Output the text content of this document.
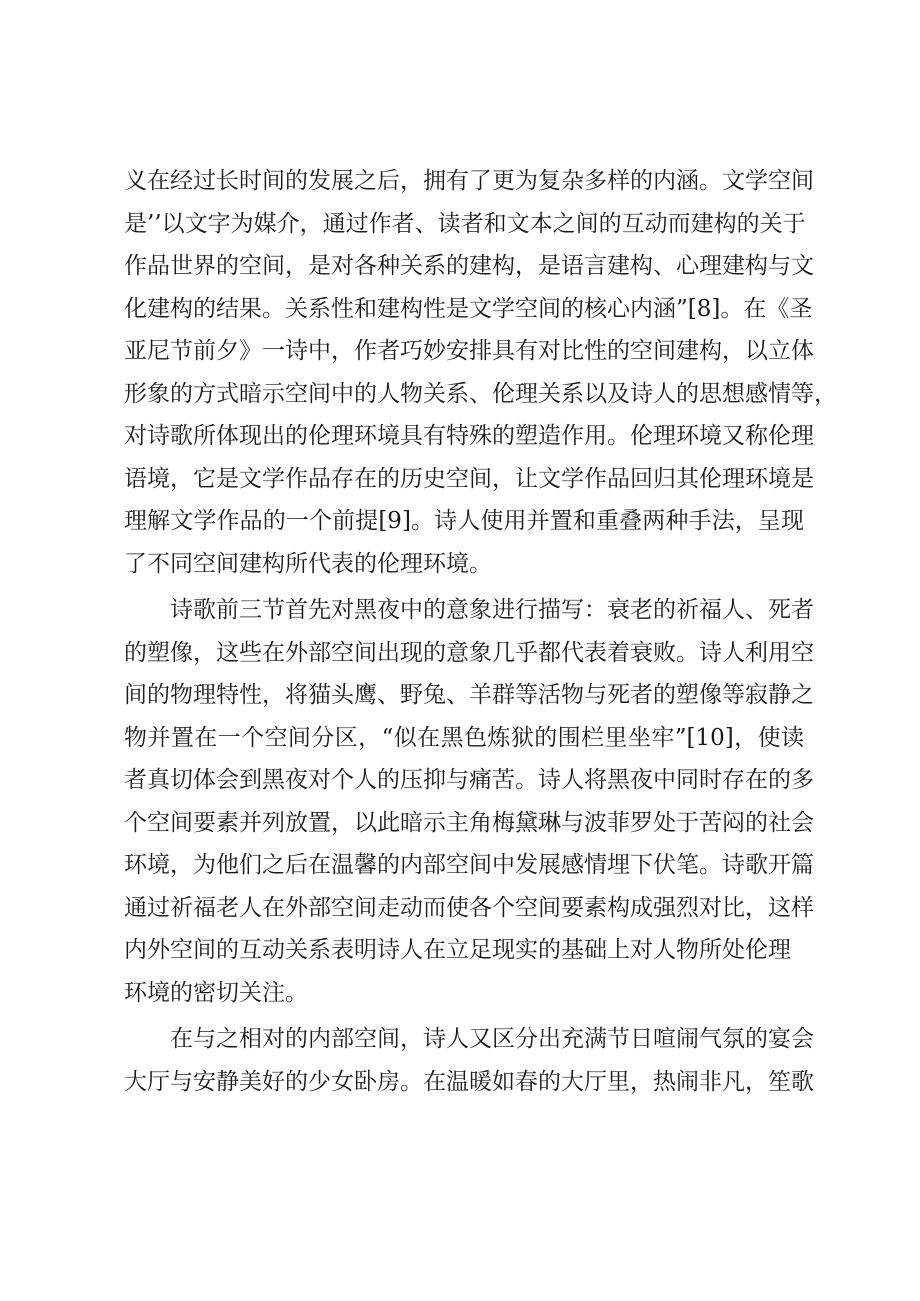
义在经过长时间的发展之后，拥有了更为复杂多样的内涵。文学空间
是’’以文字为媒介，通过作者、读者和文本之间的互动而建构的关于
作品世界的空间，是对各种关系的建构，是语言建构、心理建构与文
化建构的结果。关系性和建构性是文学空间的核心内涵”[8]。在《圣
亚尼节前夕》一诗中，作者巧妙安排具有对比性的空间建构，以立体
形象的方式暗示空间中的人物关系、伦理关系以及诗人的思想感情等，
对诗歌所体现出的伦理环境具有特殊的塑造作用。伦理环境又称伦理
语境，它是文学作品存在的历史空间，让文学作品回归其伦理环境是
理解文学作品的一个前提[9]。诗人使用并置和重叠两种手法，呈现
了不同空间建构所代表的伦理环境。

诗歌前三节首先对黑夜中的意象进行描写：衰老的祈福人、死者
的塑像，这些在外部空间出现的意象几乎都代表着衰败。诗人利用空
间的物理特性，将猫头鹰、野兔、羊群等活物与死者的塑像等寂静之
物并置在一个空间分区，“似在黑色炼狱的围栏里坐牢”[10]，使读
者真切体会到黑夜对个人的压抑与痛苦。诗人将黑夜中同时存在的多
个空间要素并列放置，以此暗示主角梅黛琳与波菲罗处于苦闷的社会
环境，为他们之后在温馨的内部空间中发展感情埋下伏笔。诗歌开篇
通过祈福老人在外部空间走动而使各个空间要素构成强烈对比，这样
内外空间的互动关系表明诗人在立足现实的基础上对人物所处伦理
环境的密切关注。

在与之相对的内部空间，诗人又区分出充满节日喧闹气氛的宴会
大厅与安静美好的少女卧房。在温暖如春的大厅里，热闹非凡，笙歌
